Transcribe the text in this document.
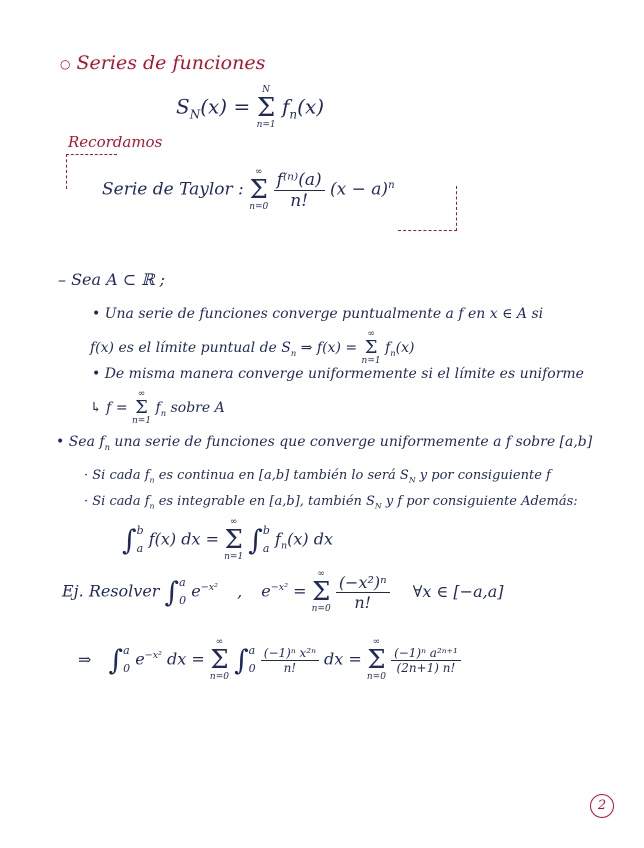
○ Series de funciones
$S_N(x)$ =
N
Σ
n=1
$f_n(x)$
Recordamos
Serie de Taylor :
∞
Σ
n=0
$\frac{\text{f⁽ⁿ⁾(a)}}{n!} (x - a)^n$
– Sea A ⊂ ℝ ;
• Una serie de funciones converge puntualmente a f en x ∈ A si
f(x) es el límite puntual de $S_n$ ⇒ f(x) =
∞
Σ
n=1
$f_n(x)$
• De misma manera converge uniformemente si el límite es uniforme
↳ f =
∞
Σ
n=1
$f_n$ sobre A
• Sea $f_n$ una serie de funciones que converge uniformemente a f sobre [a,b]
· Si cada $f_n$ es continua en [a,b] también lo será $S_N$ y por consiguiente f
· Si cada $f_n$ es integrable en [a,b], también $S_N$ y f por consiguiente Además:
∫b
a f(x) dx =
∞
Σ
n=1
∫b
a $f_n(x)$ dx
Ej. Resolver ∫a
0 $e^{-x^2}$ , $e^{-x^2}$ =
∞
Σ
n=0
$\frac{\text{(−x²)ⁿ}}{n!}$ ∀x ∈ [−a,a]
⇒ ∫a
0 $e^{-x^2}$ dx =
∞
Σ
n=0
∫a
$0 \frac{\text{(−1)ⁿ x²ⁿ}}{n!}$ dx =
∞
Σ
n=0

$\frac{\text{(−1)ⁿ a²ⁿ⁺¹}}{(2n+1) n!}$
2
